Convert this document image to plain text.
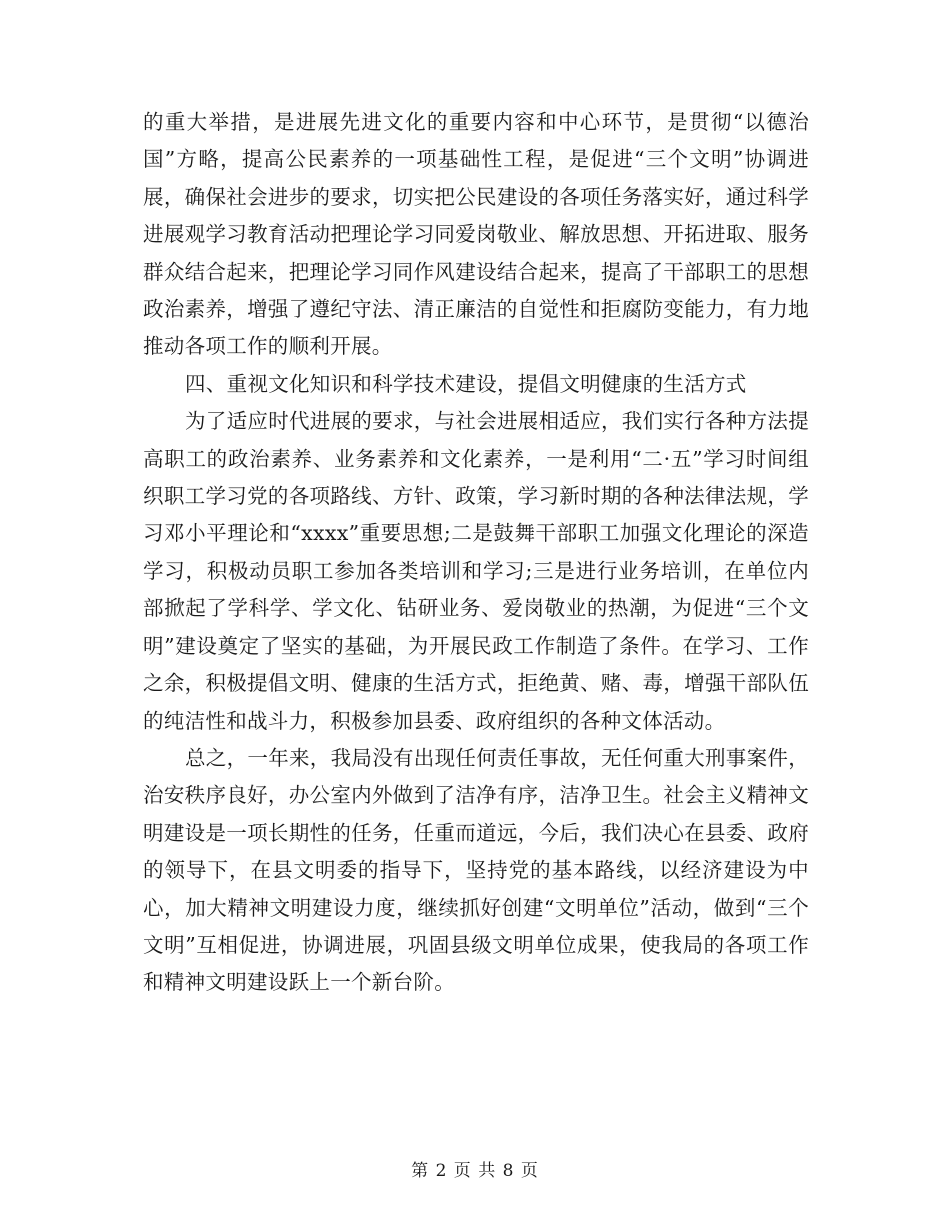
的重大举措，是进展先进文化的重要内容和中心环节，是贯彻“以德治国”方略，提高公民素养的一项基础性工程，是促进“三个文明”协调进展，确保社会进步的要求，切实把公民建设的各项任务落实好，通过科学进展观学习教育活动把理论学习同爱岗敬业、解放思想、开拓进取、服务群众结合起来，把理论学习同作风建设结合起来，提高了干部职工的思想政治素养，增强了遵纪守法、清正廉洁的自觉性和拒腐防变能力，有力地推动各项工作的顺利开展。

四、重视文化知识和科学技术建设，提倡文明健康的生活方式

为了适应时代进展的要求，与社会进展相适应，我们实行各种方法提高职工的政治素养、业务素养和文化素养，一是利用“二·五”学习时间组织职工学习党的各项路线、方针、政策，学习新时期的各种法律法规，学习邓小平理论和“xxxx”重要思想;二是鼓舞干部职工加强文化理论的深造学习，积极动员职工参加各类培训和学习;三是进行业务培训，在单位内部掀起了学科学、学文化、钻研业务、爱岗敬业的热潮，为促进“三个文明”建设奠定了坚实的基础，为开展民政工作制造了条件。在学习、工作之余，积极提倡文明、健康的生活方式，拒绝黄、赌、毒，增强干部队伍的纯洁性和战斗力，积极参加县委、政府组织的各种文体活动。

总之，一年来，我局没有出现任何责任事故，无任何重大刑事案件，治安秩序良好，办公室内外做到了洁净有序，洁净卫生。社会主义精神文明建设是一项长期性的任务，任重而道远，今后，我们决心在县委、政府的领导下，在县文明委的指导下，坚持党的基本路线，以经济建设为中心，加大精神文明建设力度，继续抓好创建“文明单位”活动，做到“三个文明”互相促进，协调进展，巩固县级文明单位成果，使我局的各项工作和精神文明建设跃上一个新台阶。

第 2 页 共 8 页
